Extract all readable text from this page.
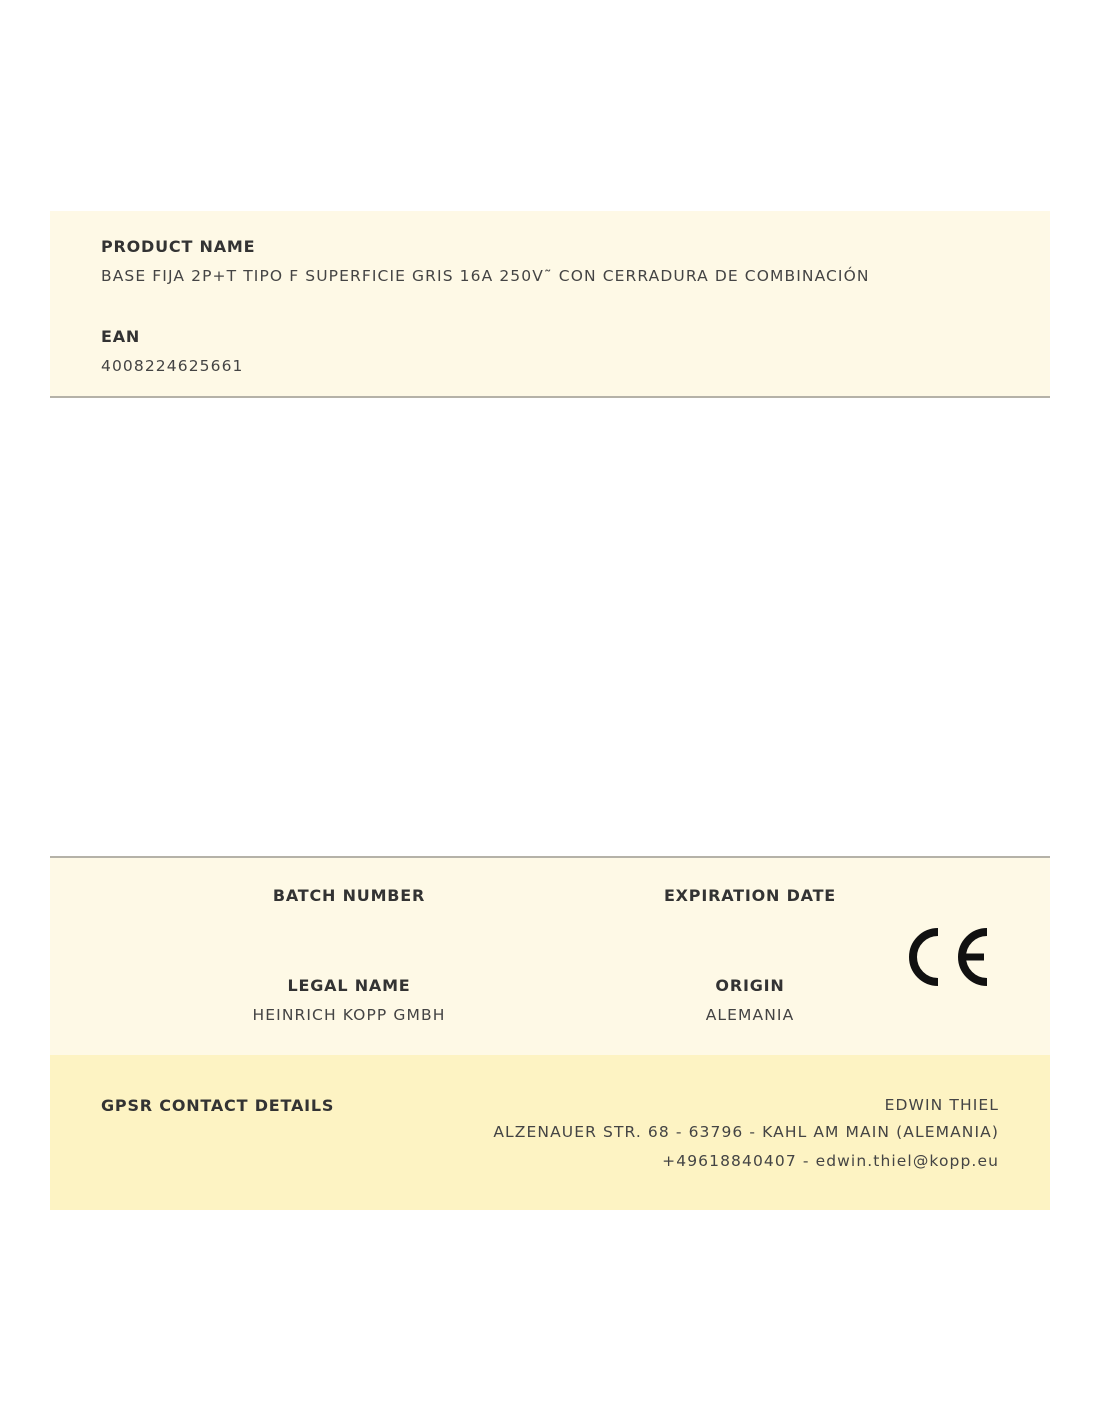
PRODUCT NAME
BASE FIJA 2P+T TIPO F SUPERFICIE GRIS 16A 250V˜ CON CERRADURA DE COMBINACIÓN
EAN
4008224625661
BATCH NUMBER	EXPIRATION DATE
LEGAL NAME
HEINRICH KOPP GMBH
ORIGIN
ALEMANIA
GPSR CONTACT DETAILS	EDWIN THIEL
ALZENAUER STR. 68 - 63796 - KAHL AM MAIN (ALEMANIA)
+49618840407 - edwin.thiel@kopp.eu
